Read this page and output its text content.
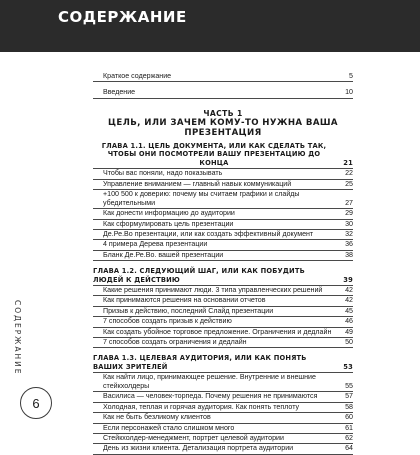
СОДЕРЖАНИЕ
СОДЕРЖАНИЕ
6
Краткое содержание	5
Введение	10
ЧАСТЬ 1
ЦЕЛЬ, ИЛИ ЗАЧЕМ КОМУ-ТО НУЖНА ВАША ПРЕЗЕНТАЦИЯ
ГЛАВА 1.1. ЦЕЛЬ ДОКУМЕНТА, ИЛИ КАК СДЕЛАТЬ ТАК, ЧТОБЫ ОНИ ПОСМОТРЕЛИ ВАШУ ПРЕЗЕНТАЦИЮ ДО КОНЦА	21
Чтобы вас поняли, надо показывать	22
Управление вниманием — главный навык коммуникаций	25
+100 500 к доверию: почему мы считаем графики и слайды убедительными	27
Как донести информацию до аудитории	29
Как сформулировать цель презентации	30
Де.Ре.Во презентации, или как создать эффективный документ	32
4 примера Дерева презентации	36
Бланк Де.Ре.Во. вашей презентации	38
ГЛАВА 1.2. СЛЕДУЮЩИЙ ШАГ, ИЛИ КАК ПОБУДИТЬ ЛЮДЕЙ К ДЕЙСТВИЮ	39
Какие решения принимают люди. 3 типа управленческих решений	42
Как принимаются решения на основании отчетов	42
Призыв к действию, последний Слайд презентации	45
7 способов создать призыв к действию	46
Как создать убойное торговое предложение. Ограничения и дедлайн	49
7 способов создать ограничения и дедлайн	50
ГЛАВА 1.3. ЦЕЛЕВАЯ АУДИТОРИЯ, ИЛИ КАК ПОНЯТЬ ВАШИХ ЗРИТЕЛЕЙ	53
Как найти лицо, принимающее решение. Внутренние и внешние стейкхолдеры	55
Василиса — человек-торпеда. Почему решения не принимаются	57
Холодная, теплая и горячая аудитория. Как понять теплоту	58
Как не быть безликому клиентов	60
Если персонажей стало слишком много	61
Стейкхолдер-менеджмент, портрет целевой аудитории	62
День из жизни клиента. Детализация портрета аудитории	64
